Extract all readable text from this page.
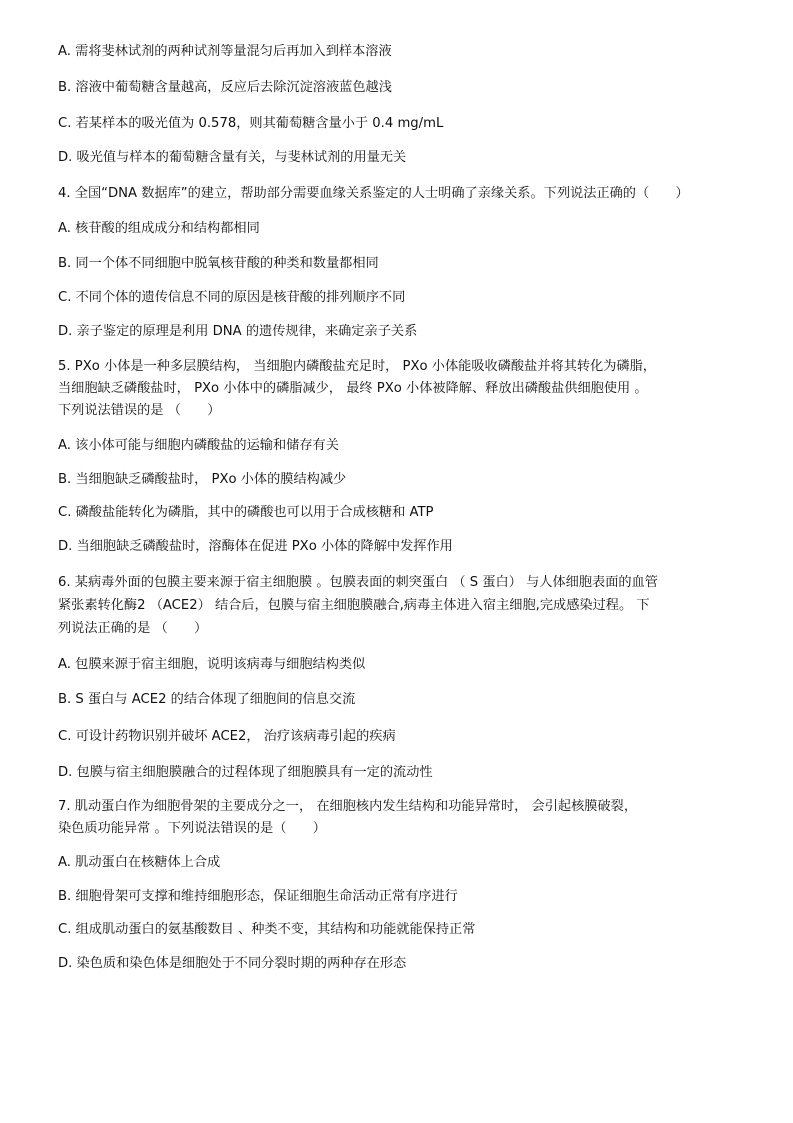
A. 需将斐林试剂的两种试剂等量混匀后再加入到样本溶液
B. 溶液中葡萄糖含量越高，反应后去除沉淀溶液蓝色越浅
C. 若某样本的吸光值为 0.578，则其葡萄糖含量小于 0.4 mg/mL
D. 吸光值与样本的葡萄糖含量有关，与斐林试剂的用量无关
4. 全国“DNA 数据库”的建立，帮助部分需要血缘关系鉴定的人士明确了亲缘关系。下列说法正确的（　　）
A. 核苷酸的组成成分和结构都相同
B. 同一个体不同细胞中脱氧核苷酸的种类和数量都相同
C. 不同个体的遗传信息不同的原因是核苷酸的排列顺序不同
D. 亲子鉴定的原理是利用 DNA 的遗传规律，来确定亲子关系
5. PXo 小体是一种多层膜结构， 当细胞内磷酸盐充足时， PXo 小体能吸收磷酸盐并将其转化为磷脂，
当细胞缺乏磷酸盐时， PXo 小体中的磷脂减少， 最终 PXo 小体被降解、释放出磷酸盐供细胞使用 。
下列说法错误的是 （　　）
A. 该小体可能与细胞内磷酸盐的运输和储存有关
B. 当细胞缺乏磷酸盐时， PXo 小体的膜结构减少
C. 磷酸盐能转化为磷脂，其中的磷酸也可以用于合成核糖和 ATP
D. 当细胞缺乏磷酸盐时，溶酶体在促进 PXo 小体的降解中发挥作用
6. 某病毒外面的包膜主要来源于宿主细胞膜 。包膜表面的刺突蛋白 （ S 蛋白） 与人体细胞表面的血管
紧张素转化酶2 （ACE2） 结合后，包膜与宿主细胞膜融合,病毒主体进入宿主细胞,完成感染过程。 下
列说法正确的是 （　　）
A. 包膜来源于宿主细胞，说明该病毒与细胞结构类似
B. S 蛋白与 ACE2 的结合体现了细胞间的信息交流
C. 可设计药物识别并破坏 ACE2， 治疗该病毒引起的疾病
D. 包膜与宿主细胞膜融合的过程体现了细胞膜具有一定的流动性
7. 肌动蛋白作为细胞骨架的主要成分之一， 在细胞核内发生结构和功能异常时， 会引起核膜破裂，
染色质功能异常 。下列说法错误的是（　　）
A. 肌动蛋白在核糖体上合成
B. 细胞骨架可支撑和维持细胞形态，保证细胞生命活动正常有序进行
C. 组成肌动蛋白的氨基酸数目 、种类不变，其结构和功能就能保持正常
D. 染色质和染色体是细胞处于不同分裂时期的两种存在形态
